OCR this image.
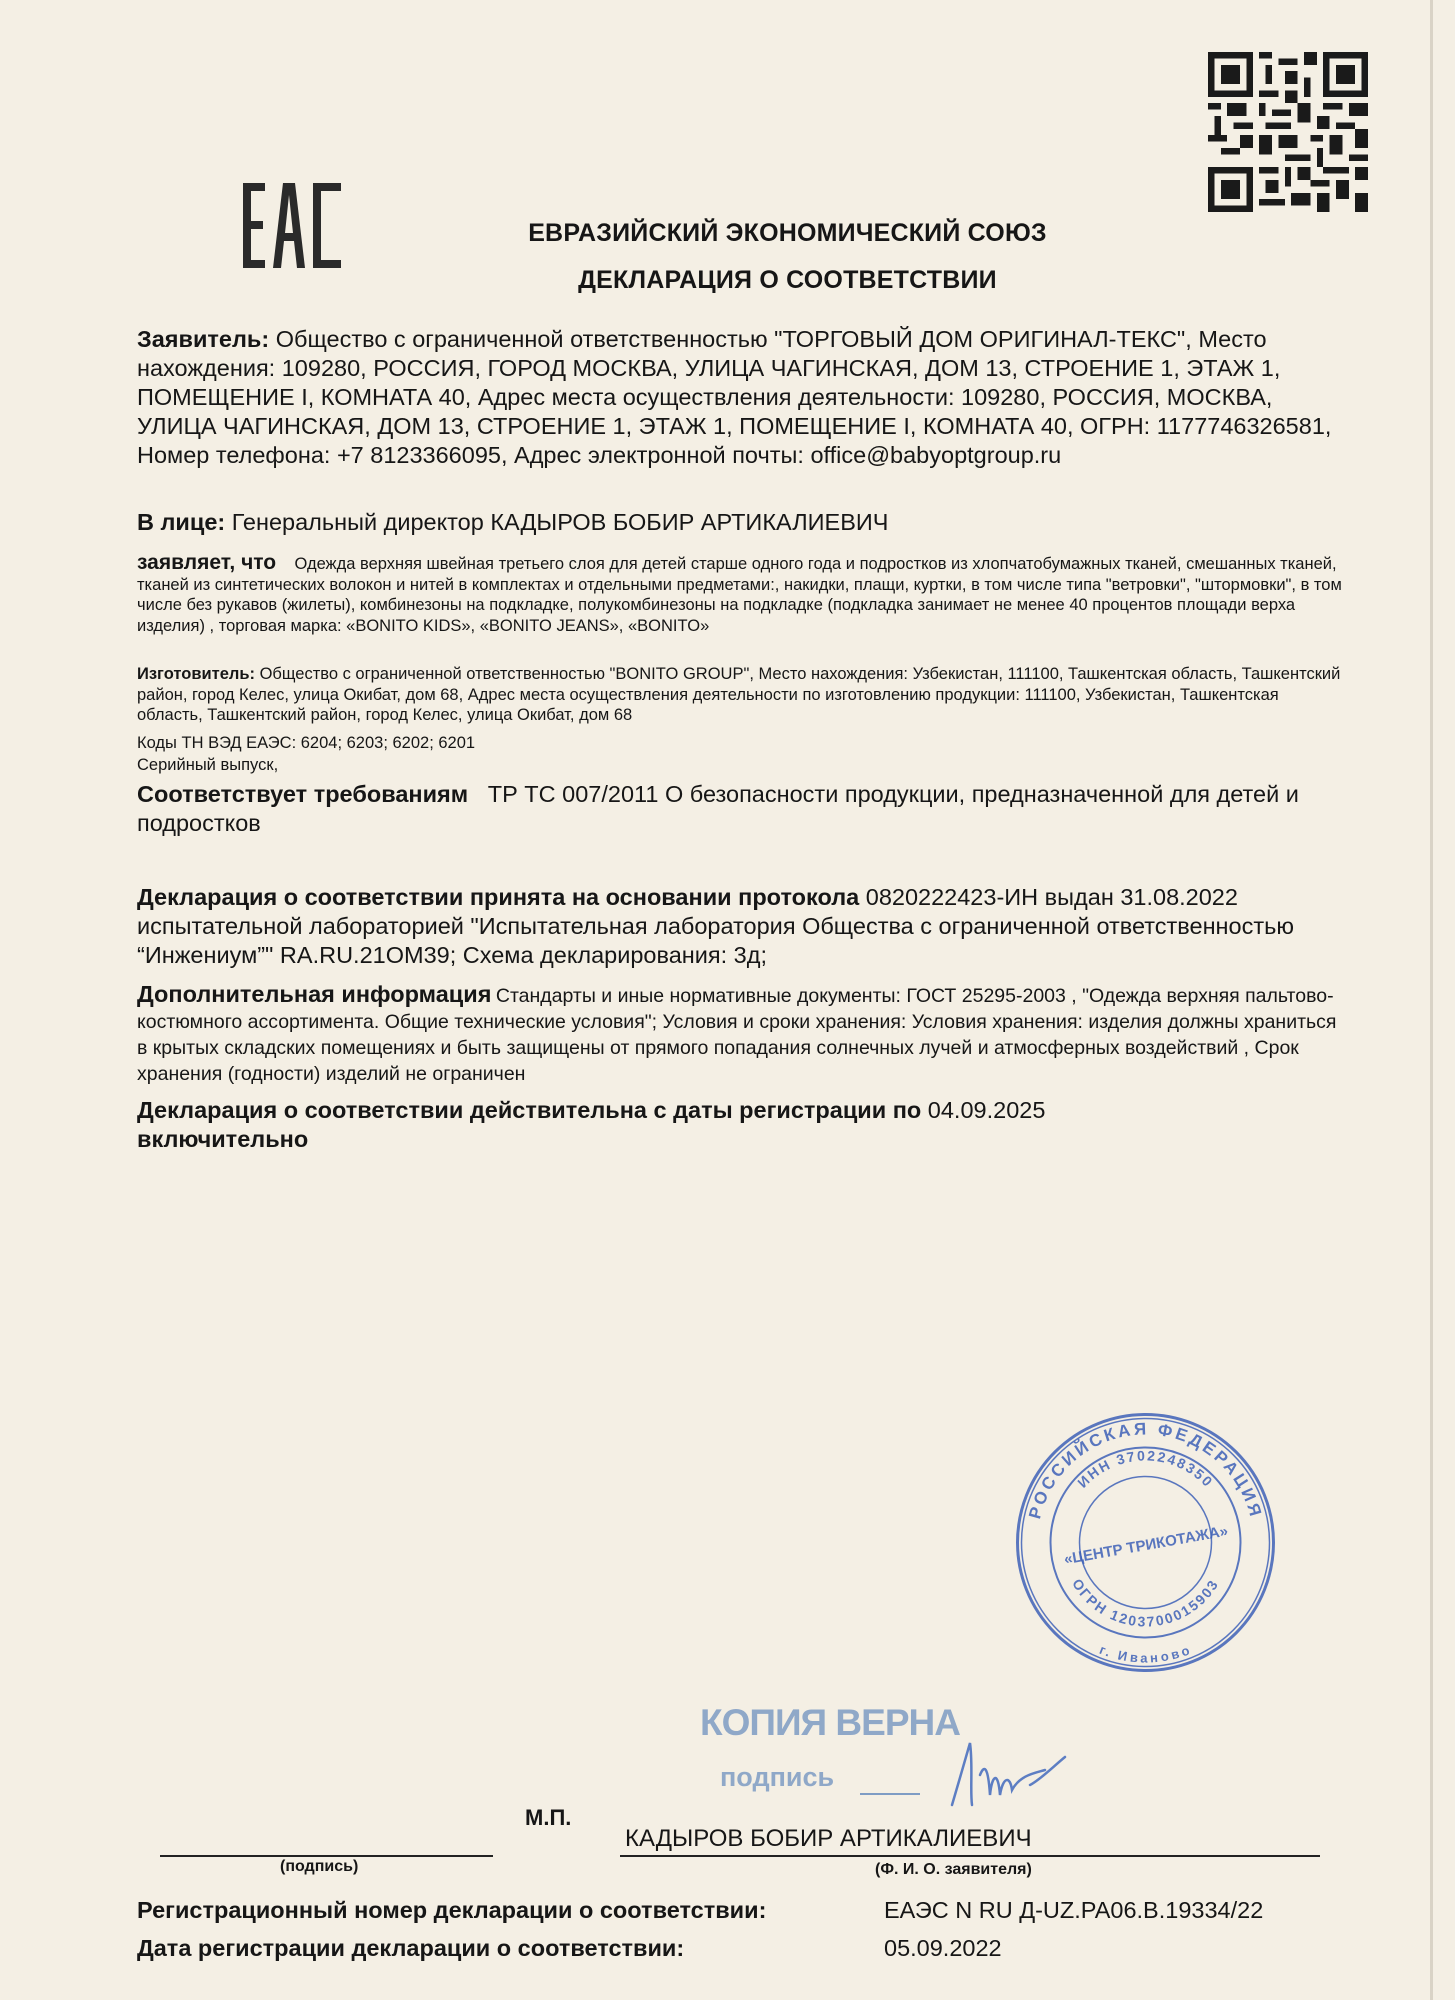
ЕВРАЗИЙСКИЙ ЭКОНОМИЧЕСКИЙ СОЮЗ
ДЕКЛАРАЦИЯ О СООТВЕТСТВИИ
Заявитель: Общество с ограниченной ответственностью "ТОРГОВЫЙ ДОМ ОРИГИНАЛ-ТЕКС", Место нахождения: 109280, РОССИЯ, ГОРОД МОСКВА, УЛИЦА ЧАГИНСКАЯ, ДОМ 13, СТРОЕНИЕ 1, ЭТАЖ 1, ПОМЕЩЕНИЕ I, КОМНАТА 40, Адрес места осуществления деятельности: 109280, РОССИЯ, МОСКВА, УЛИЦА ЧАГИНСКАЯ, ДОМ 13, СТРОЕНИЕ 1, ЭТАЖ 1, ПОМЕЩЕНИЕ I, КОМНАТА 40, ОГРН: 1177746326581, Номер телефона: +7 8123366095, Адрес электронной почты: office@babyoptgroup.ru
В лице: Генеральный директор КАДЫРОВ БОБИР АРТИКАЛИЕВИЧ
заявляет, что Одежда верхняя швейная третьего слоя для детей старше одного года и подростков из хлопчатобумажных тканей, смешанных тканей, тканей из синтетических волокон и нитей в комплектах и отдельными предметами:, накидки, плащи, куртки, в том числе типа "ветровки", "штормовки", в том числе без рукавов (жилеты), комбинезоны на подкладке, полукомбинезоны на подкладке (подкладка занимает не менее 40 процентов площади верха изделия) , торговая марка: «BONITO KIDS», «BONITO JEANS», «BONITO»
Изготовитель: Общество с ограниченной ответственностью "BONITO GROUP", Место нахождения: Узбекистан, 111100, Ташкентская область, Ташкентский район, город Келес, улица Окибат, дом 68, Адрес места осуществления деятельности по изготовлению продукции: 111100, Узбекистан, Ташкентская область, Ташкентский район, город Келес, улица Окибат, дом 68
Коды ТН ВЭД ЕАЭС: 6204; 6203; 6202; 6201
Серийный выпуск,
Соответствует требованиям ТР ТС 007/2011 О безопасности продукции, предназначенной для детей и подростков
Декларация о соответствии принята на основании протокола 0820222423-ИН выдан 31.08.2022 испытательной лабораторией "Испытательная лаборатория Общества с ограниченной ответственностью “Инжениум”" RA.RU.21ОМ39; Схема декларирования: 3д;
Дополнительная информация Стандарты и иные нормативные документы: ГОСТ 25295-2003 , "Одежда верхняя пальтово-костюмного ассортимента. Общие технические условия"; Условия и сроки хранения: Условия хранения: изделия должны храниться в крытых складских помещениях и быть защищены от прямого попадания солнечных лучей и атмосферных воздействий , Срок хранения (годности) изделий не ограничен
Декларация о соответствии действительна с даты регистрации по 04.09.2025
включительно
РОССИЙСКАЯ ФЕДЕРАЦИЯ
ИНН 3702248350
ОГРН 1203700015903
г. Иваново
«ЦЕНТР ТРИКОТАЖА»
КОПИЯ ВЕРНА
подпись
М.П.
КАДЫРОВ БОБИР АРТИКАЛИЕВИЧ
(подпись)	(Ф. И. О. заявителя)
Регистрационный номер декларации о соответствии:	ЕАЭС N RU Д-UZ.PA06.B.19334/22
Дата регистрации декларации о соответствии:	05.09.2022
